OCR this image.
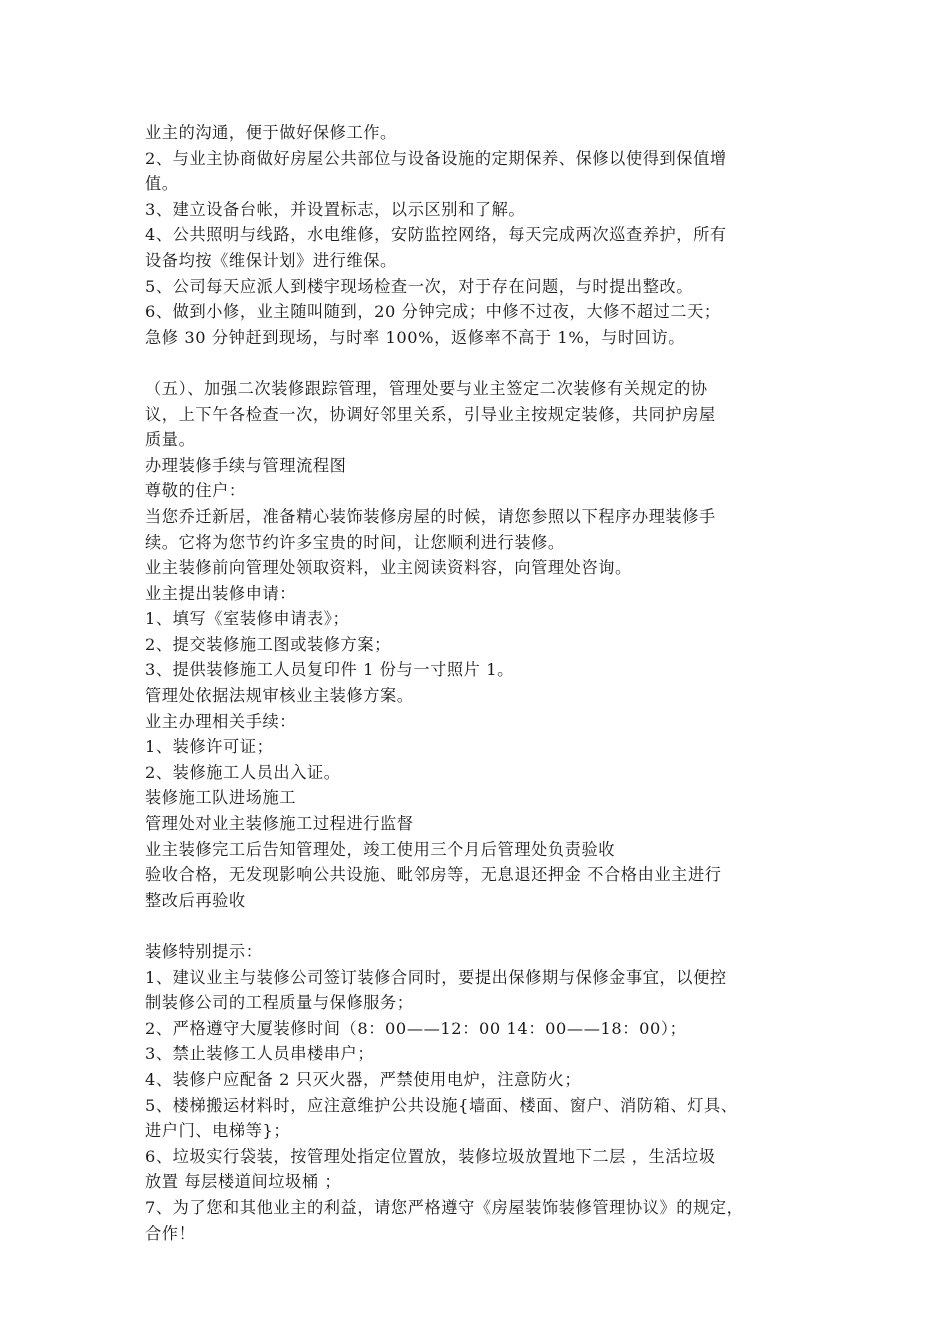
业主的沟通，便于做好保修工作。
2、与业主协商做好房屋公共部位与设备设施的定期保养、保修以使得到保值增
值。
3、建立设备台帐，并设置标志，以示区别和了解。
4、公共照明与线路，水电维修，安防监控网络，每天完成两次巡查养护，所有
设备均按《维保计划》进行维保。
5、公司每天应派人到楼宇现场检查一次，对于存在问题，与时提出整改。
6、做到小修，业主随叫随到，20 分钟完成；中修不过夜，大修不超过二天；
急修 30 分钟赶到现场，与时率 100%，返修率不高于 1%，与时回访。
（五）、加强二次装修跟踪管理，管理处要与业主签定二次装修有关规定的协
议，上下午各检查一次，协调好邻里关系，引导业主按规定装修，共同护房屋
质量。
办理装修手续与管理流程图
尊敬的住户：
当您乔迁新居，准备精心装饰装修房屋的时候，请您参照以下程序办理装修手
续。它将为您节约许多宝贵的时间，让您顺利进行装修。
业主装修前向管理处领取资料，业主阅读资料容，向管理处咨询。
业主提出装修申请：
1、填写《室装修申请表》；
2、提交装修施工图或装修方案；
3、提供装修施工人员复印件 1 份与一寸照片 1。
管理处依据法规审核业主装修方案。
业主办理相关手续：
1、装修许可证；
2、装修施工人员出入证。
装修施工队进场施工
管理处对业主装修施工过程进行监督
业主装修完工后告知管理处，竣工使用三个月后管理处负责验收
验收合格，无发现影响公共设施、毗邻房等，无息退还押金 不合格由业主进行
整改后再验收
装修特别提示：
1、建议业主与装修公司签订装修合同时，要提出保修期与保修金事宜，以便控
制装修公司的工程质量与保修服务；
2、严格遵守大厦装修时间（8：00——12：00 14：00——18：00）；
3、禁止装修工人员串楼串户；
4、装修户应配备 2 只灭火器，严禁使用电炉，注意防火；
5、楼梯搬运材料时，应注意维护公共设施{墙面、楼面、窗户、消防箱、灯具、
进户门、电梯等}；
6、垃圾实行袋装，按管理处指定位置放，装修垃圾放置地下二层 ，生活垃圾
放置 每层楼道间垃圾桶 ；
7、为了您和其他业主的利益，请您严格遵守《房屋装饰装修管理协议》的规定，
合作！
